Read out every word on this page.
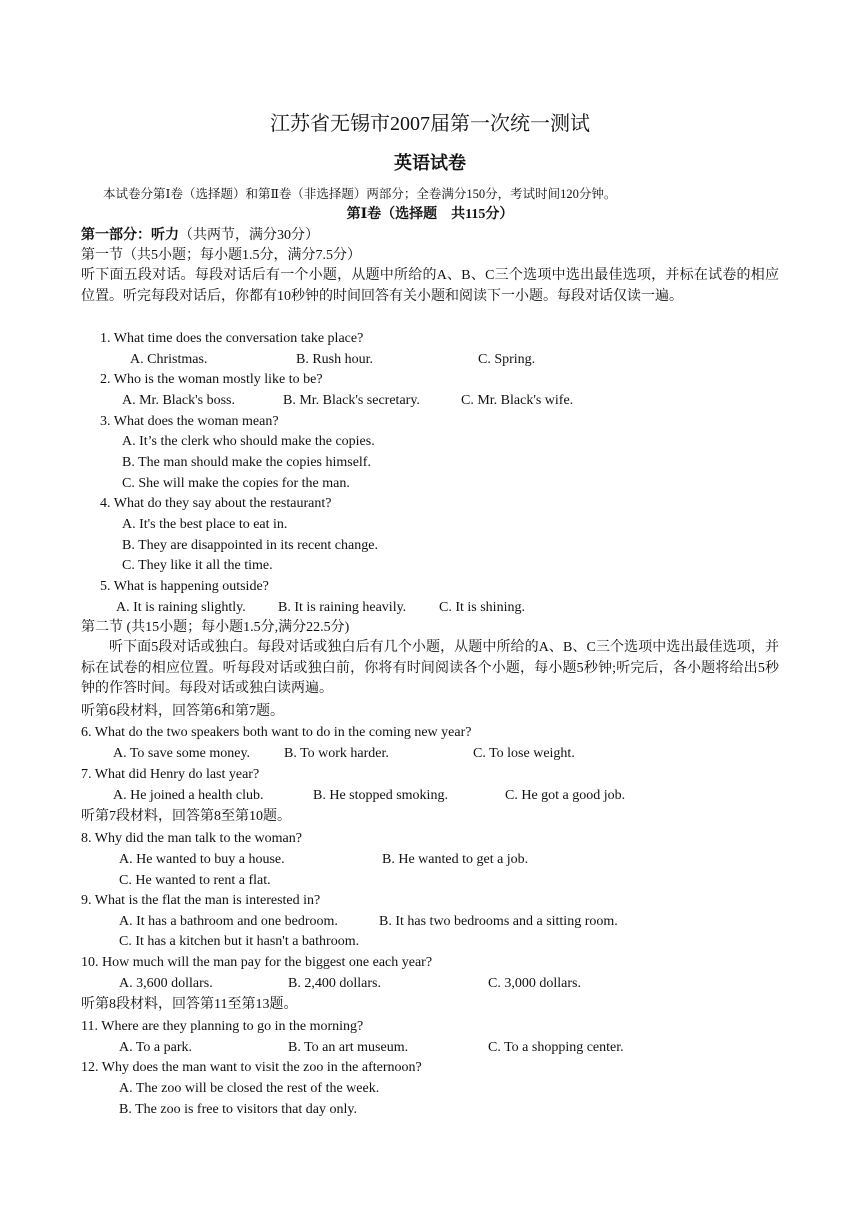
江苏省无锡市2007届第一次统一测试
英语试卷
本试卷分第Ⅰ卷（选择题）和第Ⅱ卷（非选择题）两部分；全卷满分150分，考试时间120分钟。
第Ⅰ卷（选择题　共115分）
第一部分：听力（共两节，满分30分）
第一节（共5小题；每小题1.5分，满分7.5分）
听下面五段对话。每段对话后有一个小题，从题中所给的A、B、C三个选项中选出最佳选项，并标在试卷的相应位置。听完每段对话后，你都有10秒钟的时间回答有关小题和阅读下一小题。每段对话仅读一遍。
1. What time does the conversation take place?
A. Christmas.	B. Rush hour.	C. Spring.
2. Who is the woman mostly like to be?
A. Mr. Black's boss.	B. Mr. Black's secretary.	C. Mr. Black's wife.
3. What does the woman mean?
A. It’s the clerk who should make the copies.
B. The man should make the copies himself.
C. She will make the copies for the man.
4. What do they say about the restaurant?
A. It's the best place to eat in.
B. They are disappointed in its recent change.
C. They like it all the time.
5. What is happening outside?
A. It is raining slightly. B. It is raining heavily. C. It is shining.
第二节 (共15小题；每小题1.5分,满分22.5分)
听下面5段对话或独白。每段对话或独白后有几个小题，从题中所给的A、B、C三个选项中选出最佳选项，并标在试卷的相应位置。听每段对话或独白前，你将有时间阅读各个小题，每小题5秒钟;听完后，各小题将给出5秒钟的作答时间。每段对话或独白读两遍。
听第6段材料，回答第6和第7题。
6. What do the two speakers both want to do in the coming new year?
A. To save some money. B. To work harder.	C. To lose weight.
7. What did Henry do last year?
A. He joined a health club.	B. He stopped smoking.	C. He got a good job.
听第7段材料，回答第8至第10题。
8. Why did the man talk to the woman?
A. He wanted to buy a house.	B. He wanted to get a job.
C. He wanted to rent a flat.
9. What is the flat the man is interested in?
A. It has a bathroom and one bedroom.	B. It has two bedrooms and a sitting room.
C. It has a kitchen but it hasn't a bathroom.
10. How much will the man pay for the biggest one each year?
A. 3,600 dollars.	B. 2,400 dollars.	C. 3,000 dollars.
听第8段材料，回答第11至第13题。
11. Where are they planning to go in the morning?
A. To a park.	B. To an art museum.	C. To a shopping center.
12. Why does the man want to visit the zoo in the afternoon?
A. The zoo will be closed the rest of the week.
B. The zoo is free to visitors that day only.
